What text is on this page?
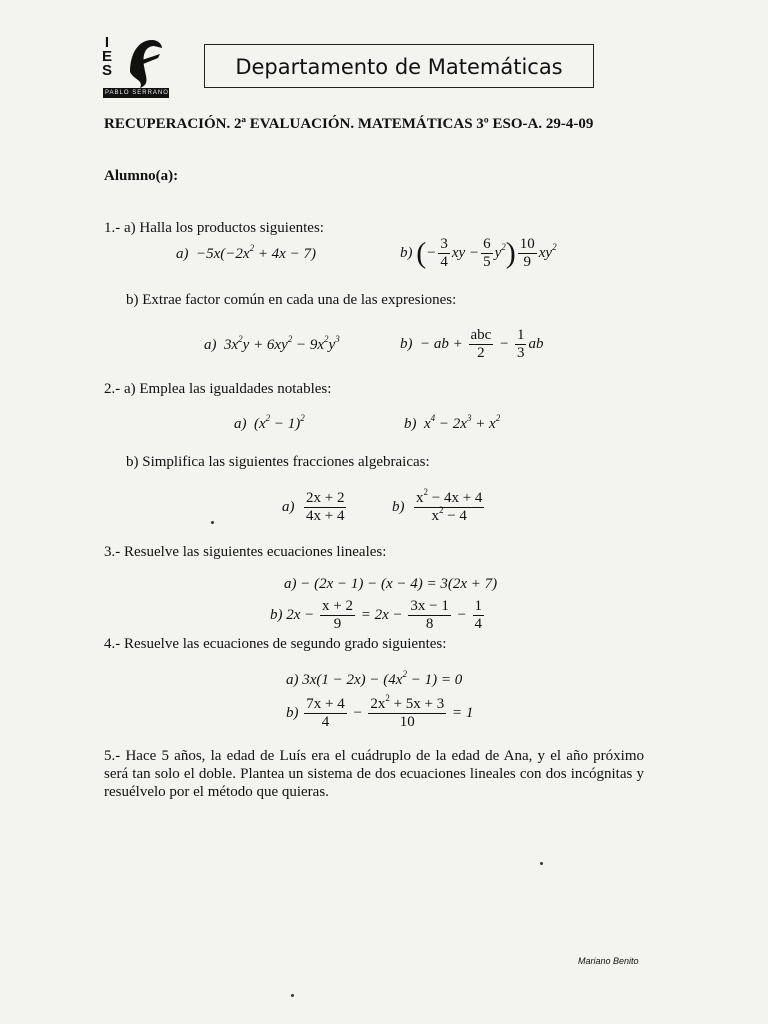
I
E
S
PABLO SERRANO
Departamento de Matemáticas
RECUPERACIÓN. 2ª EVALUACIÓN. MATEMÁTICAS 3º ESO-A. 29-4-09
Alumno(a):
1.- a) Halla los productos siguientes:
$a) -5x(-2x^2 + 4x - 7)$	b) (− $\frac{3}{4}$ xy − $\frac{6}{5} y^2) \frac{10}{9} xy^2$
b) Extrae factor común en cada una de las expresiones:
a)  $3x^2y + 6xy^2 - 9x^2y^3$	b)  − ab + $\frac{\text{abc}}{2} - \frac{1}{3}$ ab
2.- a) Emplea las igualdades notables:
a)  $(x^2 - 1)^2$	b)  $x^4 - 2x^3 + x^2$
b) Simplifica las siguientes fracciones algebraicas:
$a) \frac{2x + 2}{4x + 4}$	$b) \frac{x^2 - 4x + 4}{x^2 - 4}$
3.- Resuelve las siguientes ecuaciones lineales:
a) − (2x − 1) − (x − 4) = 3(2x + 7)
b) $2x - \frac{x + 2}{9} = 2x - \frac{3x - 1}{8} - \frac{1}{4}$
4.- Resuelve las ecuaciones de segundo grado siguientes:
a) $3x(1 - 2x) - (4x^2 - 1) = 0$
$b) \frac{7x + 4}{4} - \frac{2x^2 + 5x + 3}{10} = 1$
5.- Hace 5 años, la edad de Luís era el cuádruplo de la edad de Ana, y el año próximo será tan solo el doble. Plantea un sistema de dos ecuaciones lineales con dos incógnitas y resuélvelo por el método que quieras.
Mariano Benito
